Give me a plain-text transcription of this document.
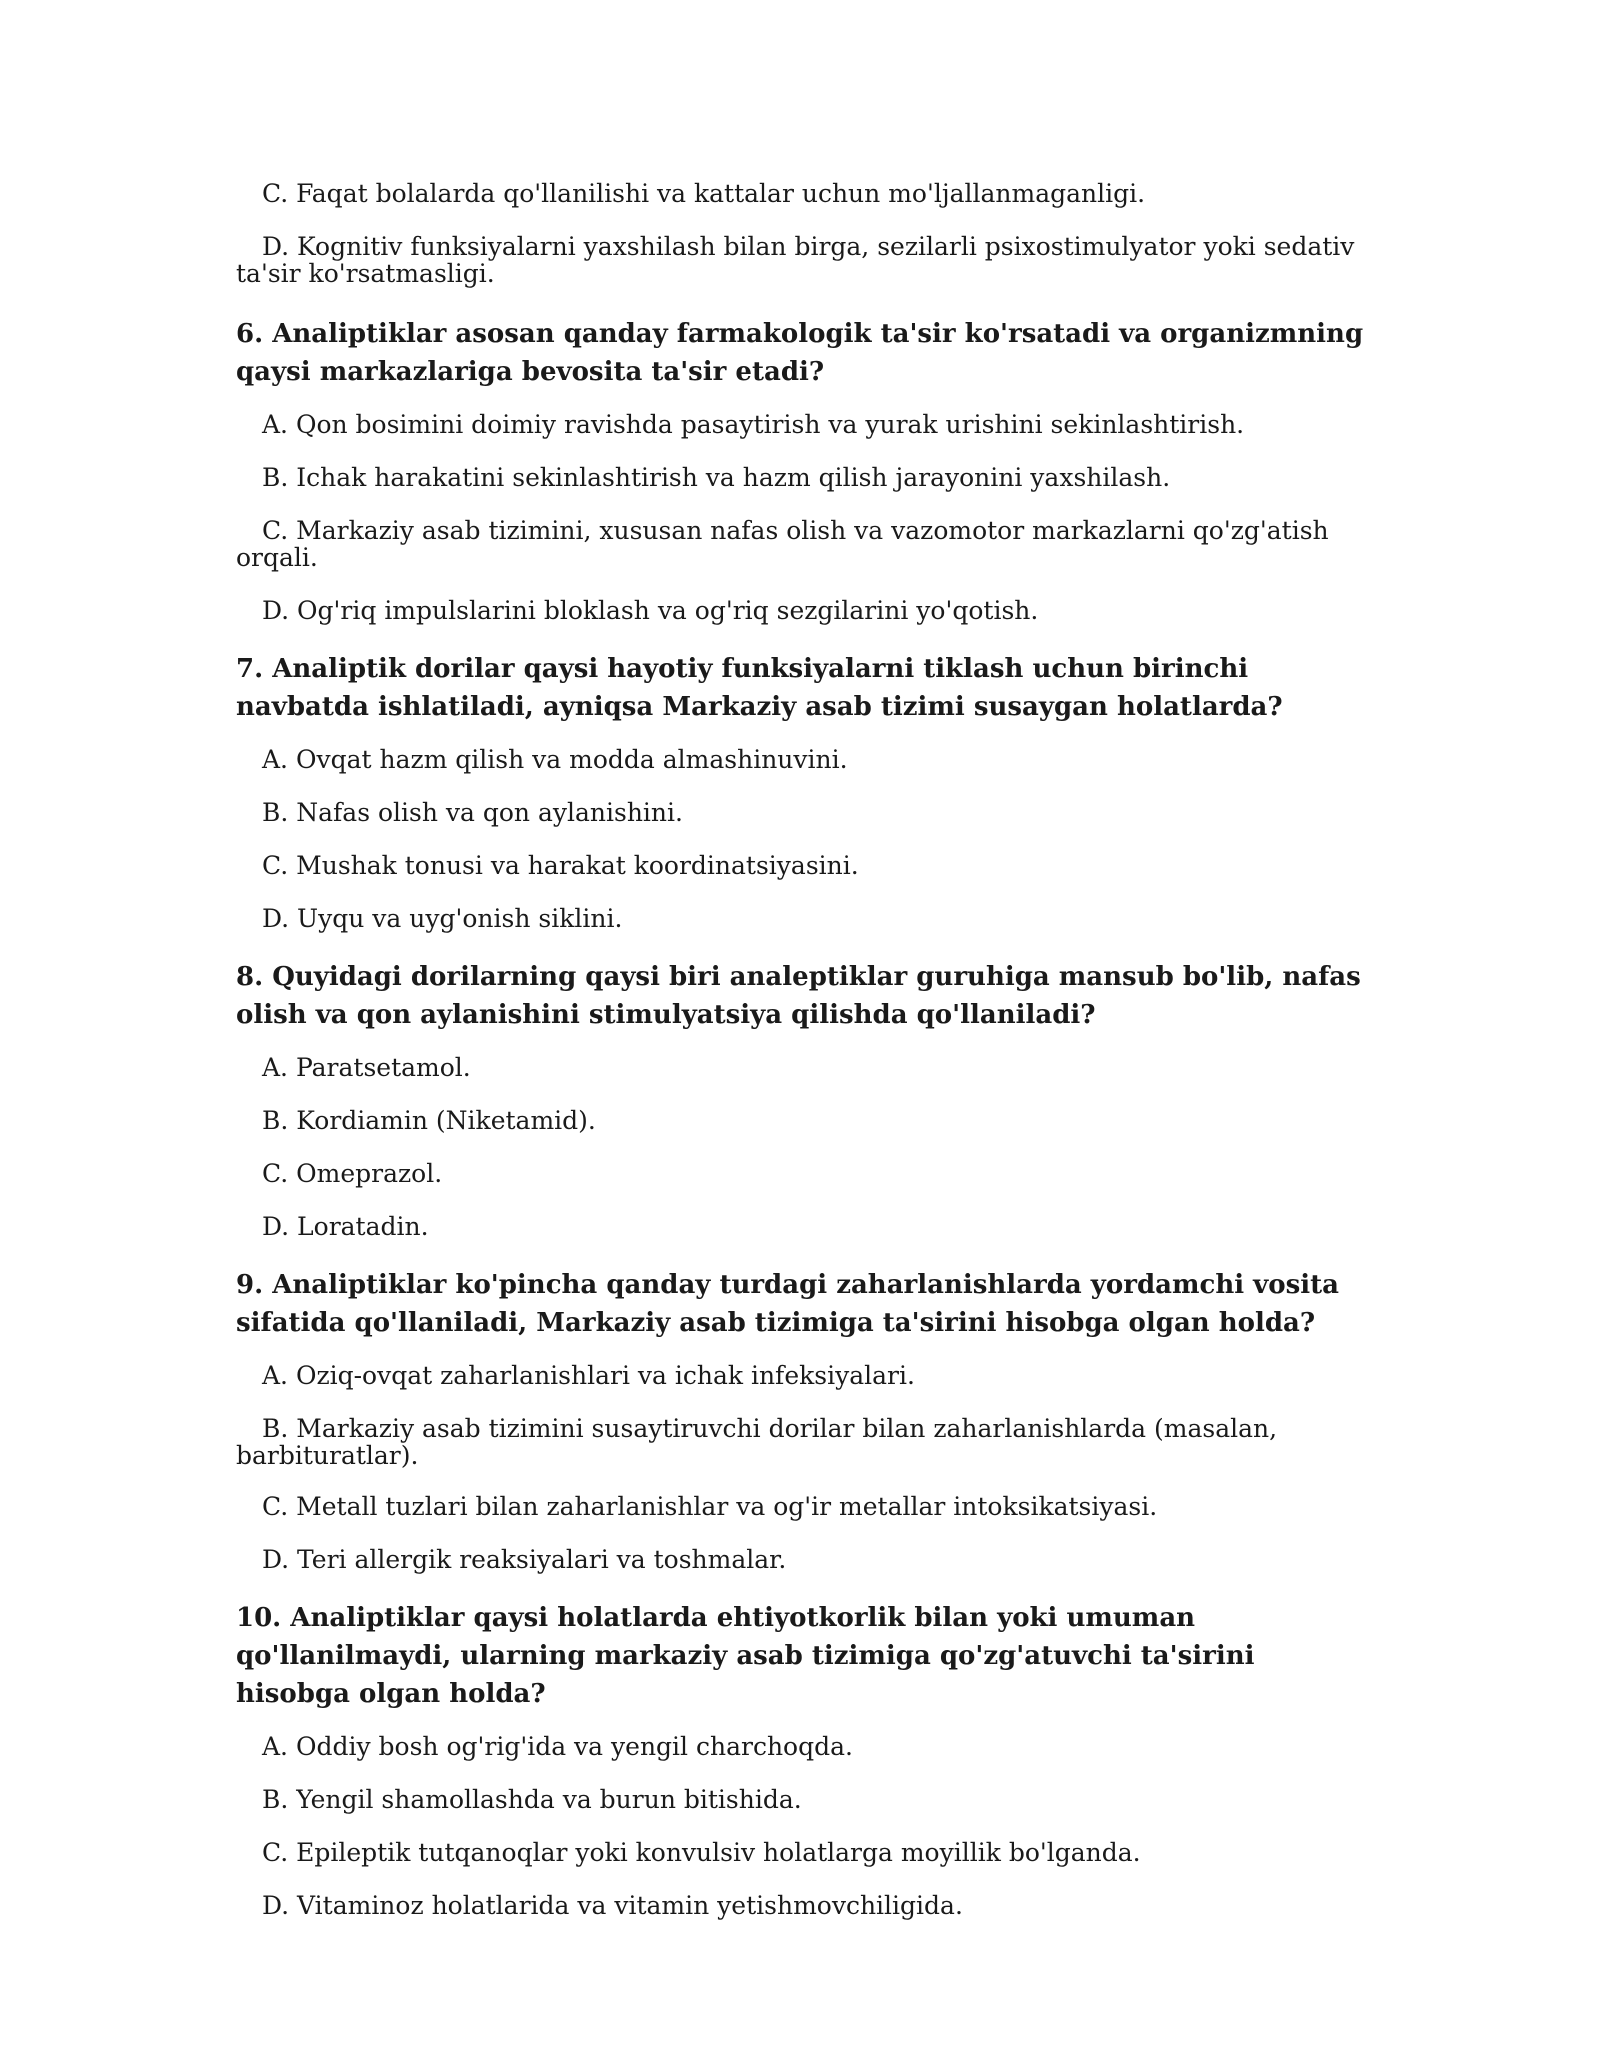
C. Faqat bolalarda qo'llanilishi va kattalar uchun mo'ljallanmaganligi.

D. Kognitiv funksiyalarni yaxshilash bilan birga, sezilarli psixostimulyator yoki sedativ ta'sir ko'rsatmasligi.

6. Analiptiklar asosan qanday farmakologik ta'sir ko'rsatadi va organizmning qaysi markazlariga bevosita ta'sir etadi?

A. Qon bosimini doimiy ravishda pasaytirish va yurak urishini sekinlashtirish.

B. Ichak harakatini sekinlashtirish va hazm qilish jarayonini yaxshilash.

C. Markaziy asab tizimini, xususan nafas olish va vazomotor markazlarni qo'zg'atish orqali.

D. Og'riq impulslarini bloklash va og'riq sezgilarini yo'qotish.

7. Analiptik dorilar qaysi hayotiy funksiyalarni tiklash uchun birinchi navbatda ishlatiladi, ayniqsa Markaziy asab tizimi susaygan holatlarda?

A. Ovqat hazm qilish va modda almashinuvini.

B. Nafas olish va qon aylanishini.

C. Mushak tonusi va harakat koordinatsiyasini.

D. Uyqu va uyg'onish siklini.

8. Quyidagi dorilarning qaysi biri analeptiklar guruhiga mansub bo'lib, nafas olish va qon aylanishini stimulyatsiya qilishda qo'llaniladi?

A. Paratsetamol.

B. Kordiamin (Niketamid).

C. Omeprazol.

D. Loratadin.

9. Analiptiklar ko'pincha qanday turdagi zaharlanishlarda yordamchi vosita sifatida qo'llaniladi, Markaziy asab tizimiga ta'sirini hisobga olgan holda?

A. Oziq-ovqat zaharlanishlari va ichak infeksiyalari.

B. Markaziy asab tizimini susaytiruvchi dorilar bilan zaharlanishlarda (masalan, barbituratlar).

C. Metall tuzlari bilan zaharlanishlar va og'ir metallar intoksikatsiyasi.

D. Teri allergik reaksiyalari va toshmalar.

10. Analiptiklar qaysi holatlarda ehtiyotkorlik bilan yoki umuman qo'llanilmaydi, ularning markaziy asab tizimiga qo'zg'atuvchi ta'sirini hisobga olgan holda?

A. Oddiy bosh og'rig'ida va yengil charchoqda.

B. Yengil shamollashda va burun bitishida.

C. Epileptik tutqanoqlar yoki konvulsiv holatlarga moyillik bo'lganda.

D. Vitaminoz holatlarida va vitamin yetishmovchiligida.
